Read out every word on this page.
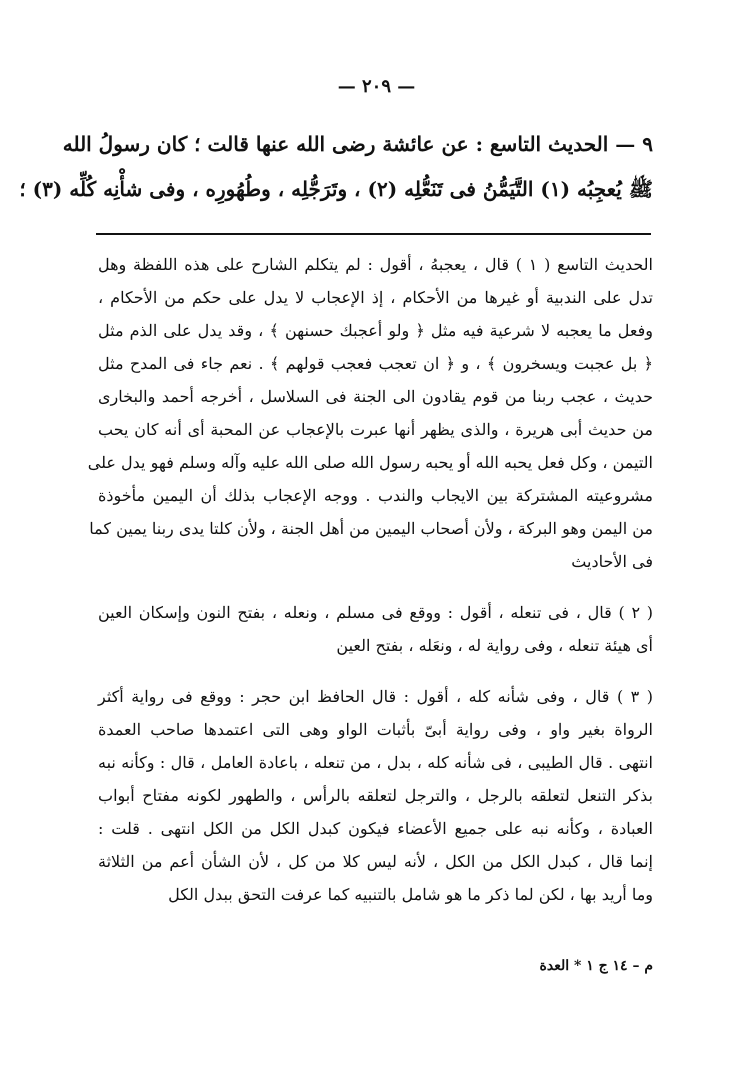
— ٢٠٩ —
٩ — الحديث التاسع : عن عائشة رضى الله عنها قالت ؛ كان رسولُ الله
ﷺ يُعجِبُه (١) التَّيَمُّنُ فى تَنَعُّلِه (٢) ، وتَرَجُّلِه ، وطُهُورِه ، وفى شأْنِه كُلِّه (٣) ؛
الحديث التاسع ( ١ ) قال ، يعجبهُ ، أقول : لم يتكلم الشارح على هذه اللفظة وهل
تدل على الندبية أو غيرها من الأحكام ، إذ الإعجاب لا يدل على حكم من الأحكام ،
وفعل ما يعجبه لا شرعية فيه مثل ﴿ ولو أعجبك حسنهن ﴾ ، وقد يدل على الذم مثل
﴿ بل عجبت ويسخرون ﴾ ، و ﴿ ان تعجب فعجب قولهم ﴾ . نعم جاء فى المدح مثل
حديث ، عجب ربنا من قوم يقادون الى الجنة فى السلاسل ، أخرجه أحمد والبخارى
من حديث أبى هريرة ، والذى يظهر أنها عبرت بالإعجاب عن المحبة أى أنه كان يحب
التيمن ، وكل فعل يحبه الله أو يحبه رسول الله صلى الله عليه وآله وسلم فهو يدل على
مشروعيته المشتركة بين الايجاب والندب . ووجه الإعجاب بذلك أن اليمين مأخوذة
من اليمن وهو البركة ، ولأن أصحاب اليمين من أهل الجنة ، ولأن كلتا يدى ربنا يمين كما
فى الأحاديث
( ٢ ) قال ، فى تنعله ، أقول : ووقع فى مسلم ، ونعله ، بفتح النون وإسكان العين
أى هيئة تنعله ، وفى رواية له ، ونعَله ، بفتح العين
( ٣ ) قال ، وفى شأنه كله ، أقول : قال الحافظ ابن حجر : ووقع فى رواية أكثر
الرواة بغير واو ، وفى رواية أبىّ بأثبات الواو وهى التى اعتمدها صاحب العمدة
انتهى . قال الطيبى ، فى شأنه كله ، بدل ، من تنعله ، باعادة العامل ، قال : وكأنه نبه
بذكر التنعل لتعلقه بالرجل ، والترجل لتعلقه بالرأس ، والطهور لكونه مفتاح أبواب
العبادة ، وكأنه نبه على جميع الأعضاء فيكون كبدل الكل من الكل انتهى . قلت :
إنما قال ، كبدل الكل من الكل ، لأنه ليس كلا من كل ، لأن الشأن أعم من الثلاثة
وما أريد بها ، لكن لما ذكر ما هو شامل بالتنبيه كما عرفت التحق ببدل الكل
م – ١٤ ج ١ * العدة
